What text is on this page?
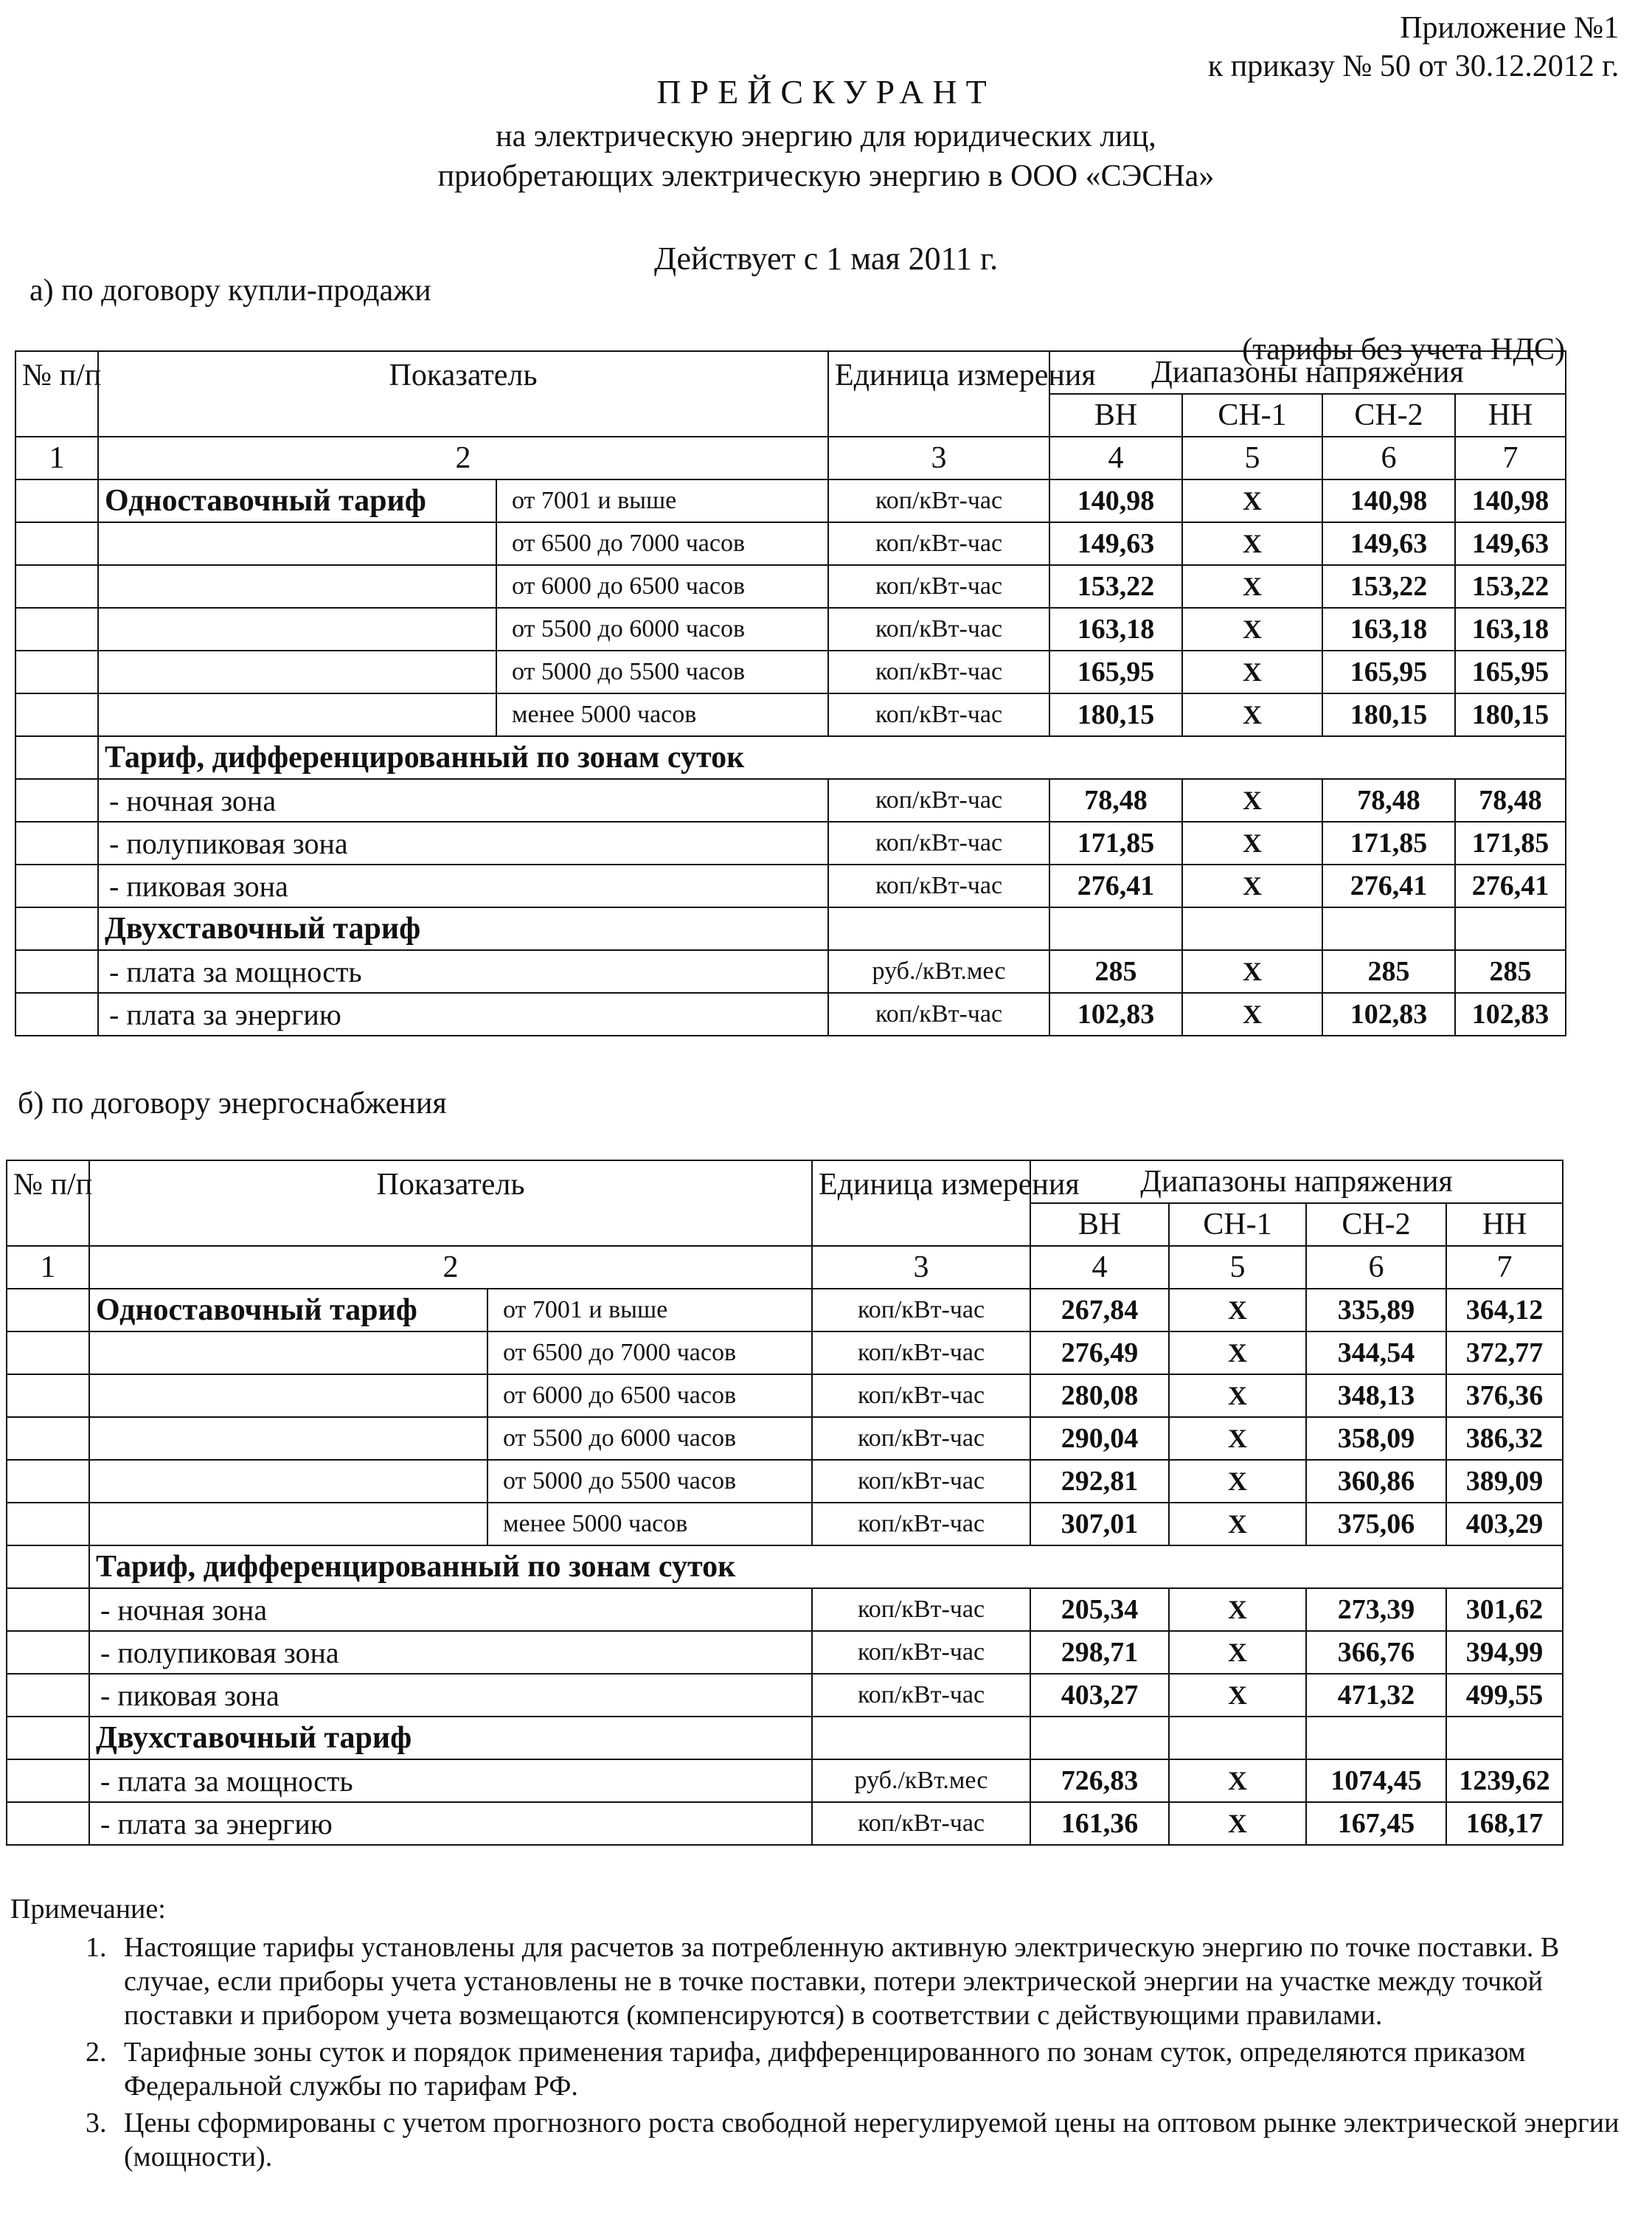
Приложение №1
к приказу № 50 от 30.12.2012 г.
ПРЕЙСКУРАНТ
на электрическую энергию для юридических лиц,
приобретающих электрическую энергию в ООО «СЭСНа»
Действует с 1 мая 2011 г.
а) по договору купли-продажи
(тарифы без учета НДС)
№ п/п	Показатель		Единица измерения	Диапазоны напряжения			
				ВН	СН-1	СН-2	НН
1	2		3	4	5	6	7
	Одноставочный тариф	от 7001 и выше	коп/кВт-час	140,98	Х	140,98	140,98
		от 6500 до 7000 часов	коп/кВт-час	149,63	Х	149,63	149,63
		от 6000 до 6500 часов	коп/кВт-час	153,22	Х	153,22	153,22
		от 5500 до 6000 часов	коп/кВт-час	163,18	Х	163,18	163,18
		от 5000 до 5500 часов	коп/кВт-час	165,95	Х	165,95	165,95
		менее 5000 часов	коп/кВт-час	180,15	Х	180,15	180,15
	Тариф, дифференцированный по зонам суток						
	- ночная зона		коп/кВт-час	78,48	Х	78,48	78,48
	- полупиковая зона		коп/кВт-час	171,85	Х	171,85	171,85
	- пиковая зона		коп/кВт-час	276,41	Х	276,41	276,41
	Двухставочный тариф						
	- плата за мощность		руб./кВт.мес	285	Х	285	285
	- плата за энергию		коп/кВт-час	102,83	Х	102,83	102,83
б) по договору энергоснабжения
№ п/п	Показатель		Единица измерения	Диапазоны напряжения			
				ВН	СН-1	СН-2	НН
1	2		3	4	5	6	7
	Одноставочный тариф	от 7001 и выше	коп/кВт-час	267,84	Х	335,89	364,12
		от 6500 до 7000 часов	коп/кВт-час	276,49	Х	344,54	372,77
		от 6000 до 6500 часов	коп/кВт-час	280,08	Х	348,13	376,36
		от 5500 до 6000 часов	коп/кВт-час	290,04	Х	358,09	386,32
		от 5000 до 5500 часов	коп/кВт-час	292,81	Х	360,86	389,09
		менее 5000 часов	коп/кВт-час	307,01	Х	375,06	403,29
	Тариф, дифференцированный по зонам суток						
	- ночная зона		коп/кВт-час	205,34	Х	273,39	301,62
	- полупиковая зона		коп/кВт-час	298,71	Х	366,76	394,99
	- пиковая зона		коп/кВт-час	403,27	Х	471,32	499,55
	Двухставочный тариф						
	- плата за мощность		руб./кВт.мес	726,83	Х	1074,45	1239,62
	- плата за энергию		коп/кВт-час	161,36	Х	167,45	168,17
Примечание:
1. Настоящие тарифы установлены для расчетов за потребленную активную электрическую энергию по точке поставки. В случае, если приборы учета установлены не в точке поставки, потери электрической энергии на участке между точкой поставки и прибором учета возмещаются (компенсируются) в соответствии с действующими правилами.
2. Тарифные зоны суток и порядок применения тарифа, дифференцированного по зонам суток, определяются приказом Федеральной службы по тарифам РФ.
3. Цены сформированы с учетом прогнозного роста свободной нерегулируемой цены на оптовом рынке электрической энергии (мощности).
